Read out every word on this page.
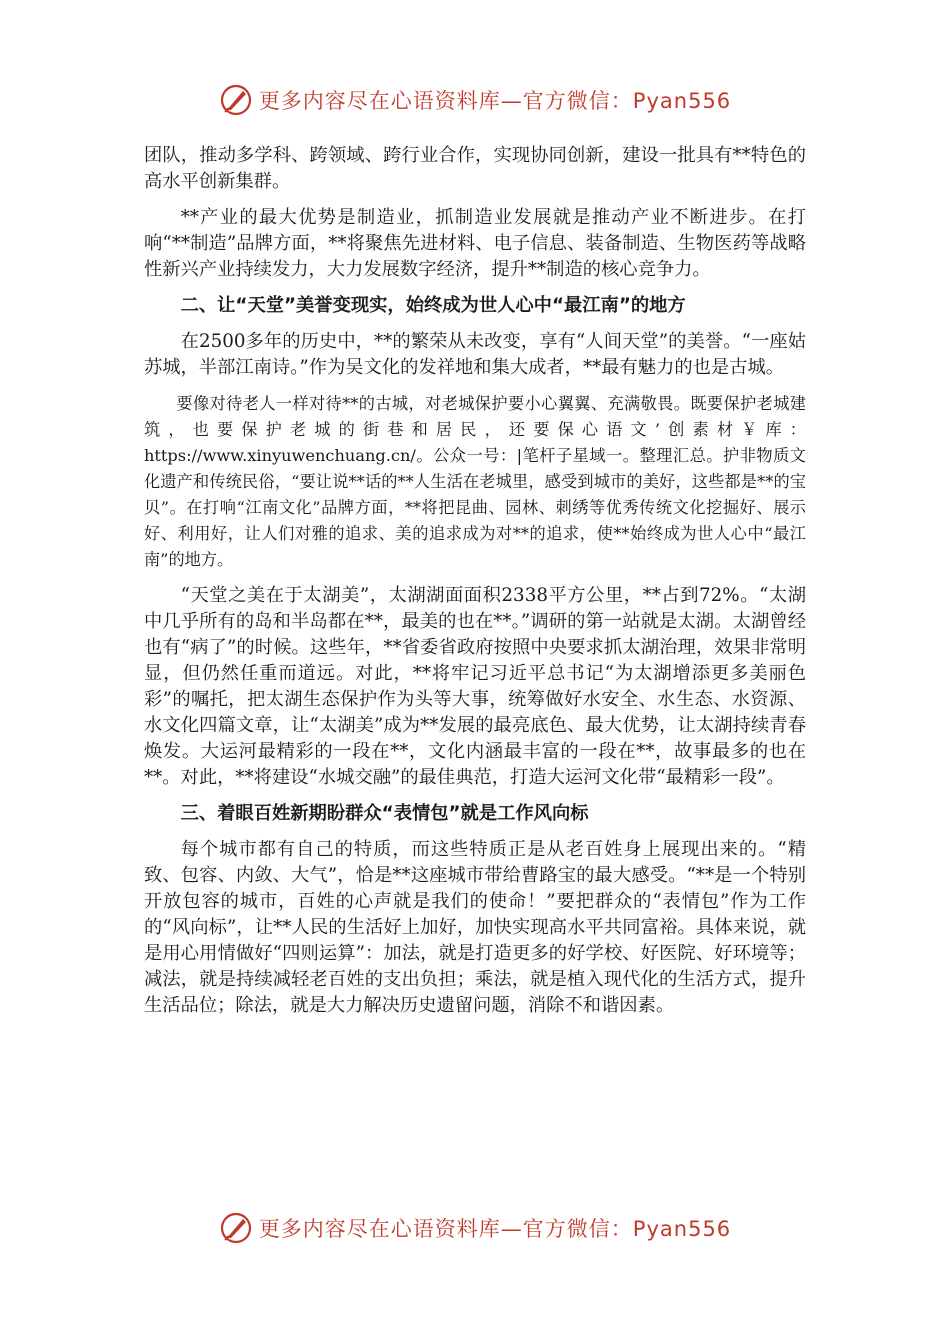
更多内容尽在心语资料库—官方微信：Pyan556

团队，推动多学科、跨领域、跨行业合作，实现协同创新，建设一批具有**特色的高水平创新集群。

**产业的最大优势是制造业，抓制造业发展就是推动产业不断进步。在打响“**制造”品牌方面，**将聚焦先进材料、电子信息、装备制造、生物医药等战略性新兴产业持续发力，大力发展数字经济，提升**制造的核心竞争力。

二、让“天堂”美誉变现实，始终成为世人心中“最江南”的地方

在2500多年的历史中，**的繁荣从未改变，享有“人间天堂”的美誉。“一座姑苏城，半部江南诗。”作为吴文化的发祥地和集大成者，**最有魅力的也是古城。

要像对待老人一样对待**的古城，对老城保护要小心翼翼、充满敬畏。既要保护老城建筑，也要保护老城的街巷和居民，还要保心语文’创素材￥库：https://www.xinyuwenchuang.cn/。公众一号：|笔杆子星域一。整理汇总。护非物质文化遗产和传统民俗，“要让说**话的**人生活在老城里，感受到城市的美好，这些都是**的宝贝”。在打响“江南文化”品牌方面，**将把昆曲、园林、刺绣等优秀传统文化挖掘好、展示好、利用好，让人们对雅的追求、美的追求成为对**的追求，使**始终成为世人心中“最江南”的地方。

“天堂之美在于太湖美”，太湖湖面面积2338平方公里，**占到72%。“太湖中几乎所有的岛和半岛都在**，最美的也在**。”调研的第一站就是太湖。太湖曾经也有“病了”的时候。这些年，**省委省政府按照中央要求抓太湖治理，效果非常明显，但仍然任重而道远。对此，**将牢记习近平总书记“为太湖增添更多美丽色彩”的嘱托，把太湖生态保护作为头等大事，统筹做好水安全、水生态、水资源、水文化四篇文章，让“太湖美”成为**发展的最亮底色、最大优势，让太湖持续青春焕发。大运河最精彩的一段在**，文化内涵最丰富的一段在**，故事最多的也在**。对此，**将建设“水城交融”的最佳典范，打造大运河文化带“最精彩一段”。

三、着眼百姓新期盼群众“表情包”就是工作风向标

每个城市都有自己的特质，而这些特质正是从老百姓身上展现出来的。“精致、包容、内敛、大气”，恰是**这座城市带给曹路宝的最大感受。“**是一个特别开放包容的城市，百姓的心声就是我们的使命！”要把群众的“表情包”作为工作的“风向标”，让**人民的生活好上加好，加快实现高水平共同富裕。具体来说，就是用心用情做好“四则运算”：加法，就是打造更多的好学校、好医院、好环境等；减法，就是持续减轻老百姓的支出负担；乘法，就是植入现代化的生活方式，提升生活品位；除法，就是大力解决历史遗留问题，消除不和谐因素。

更多内容尽在心语资料库—官方微信：Pyan556
